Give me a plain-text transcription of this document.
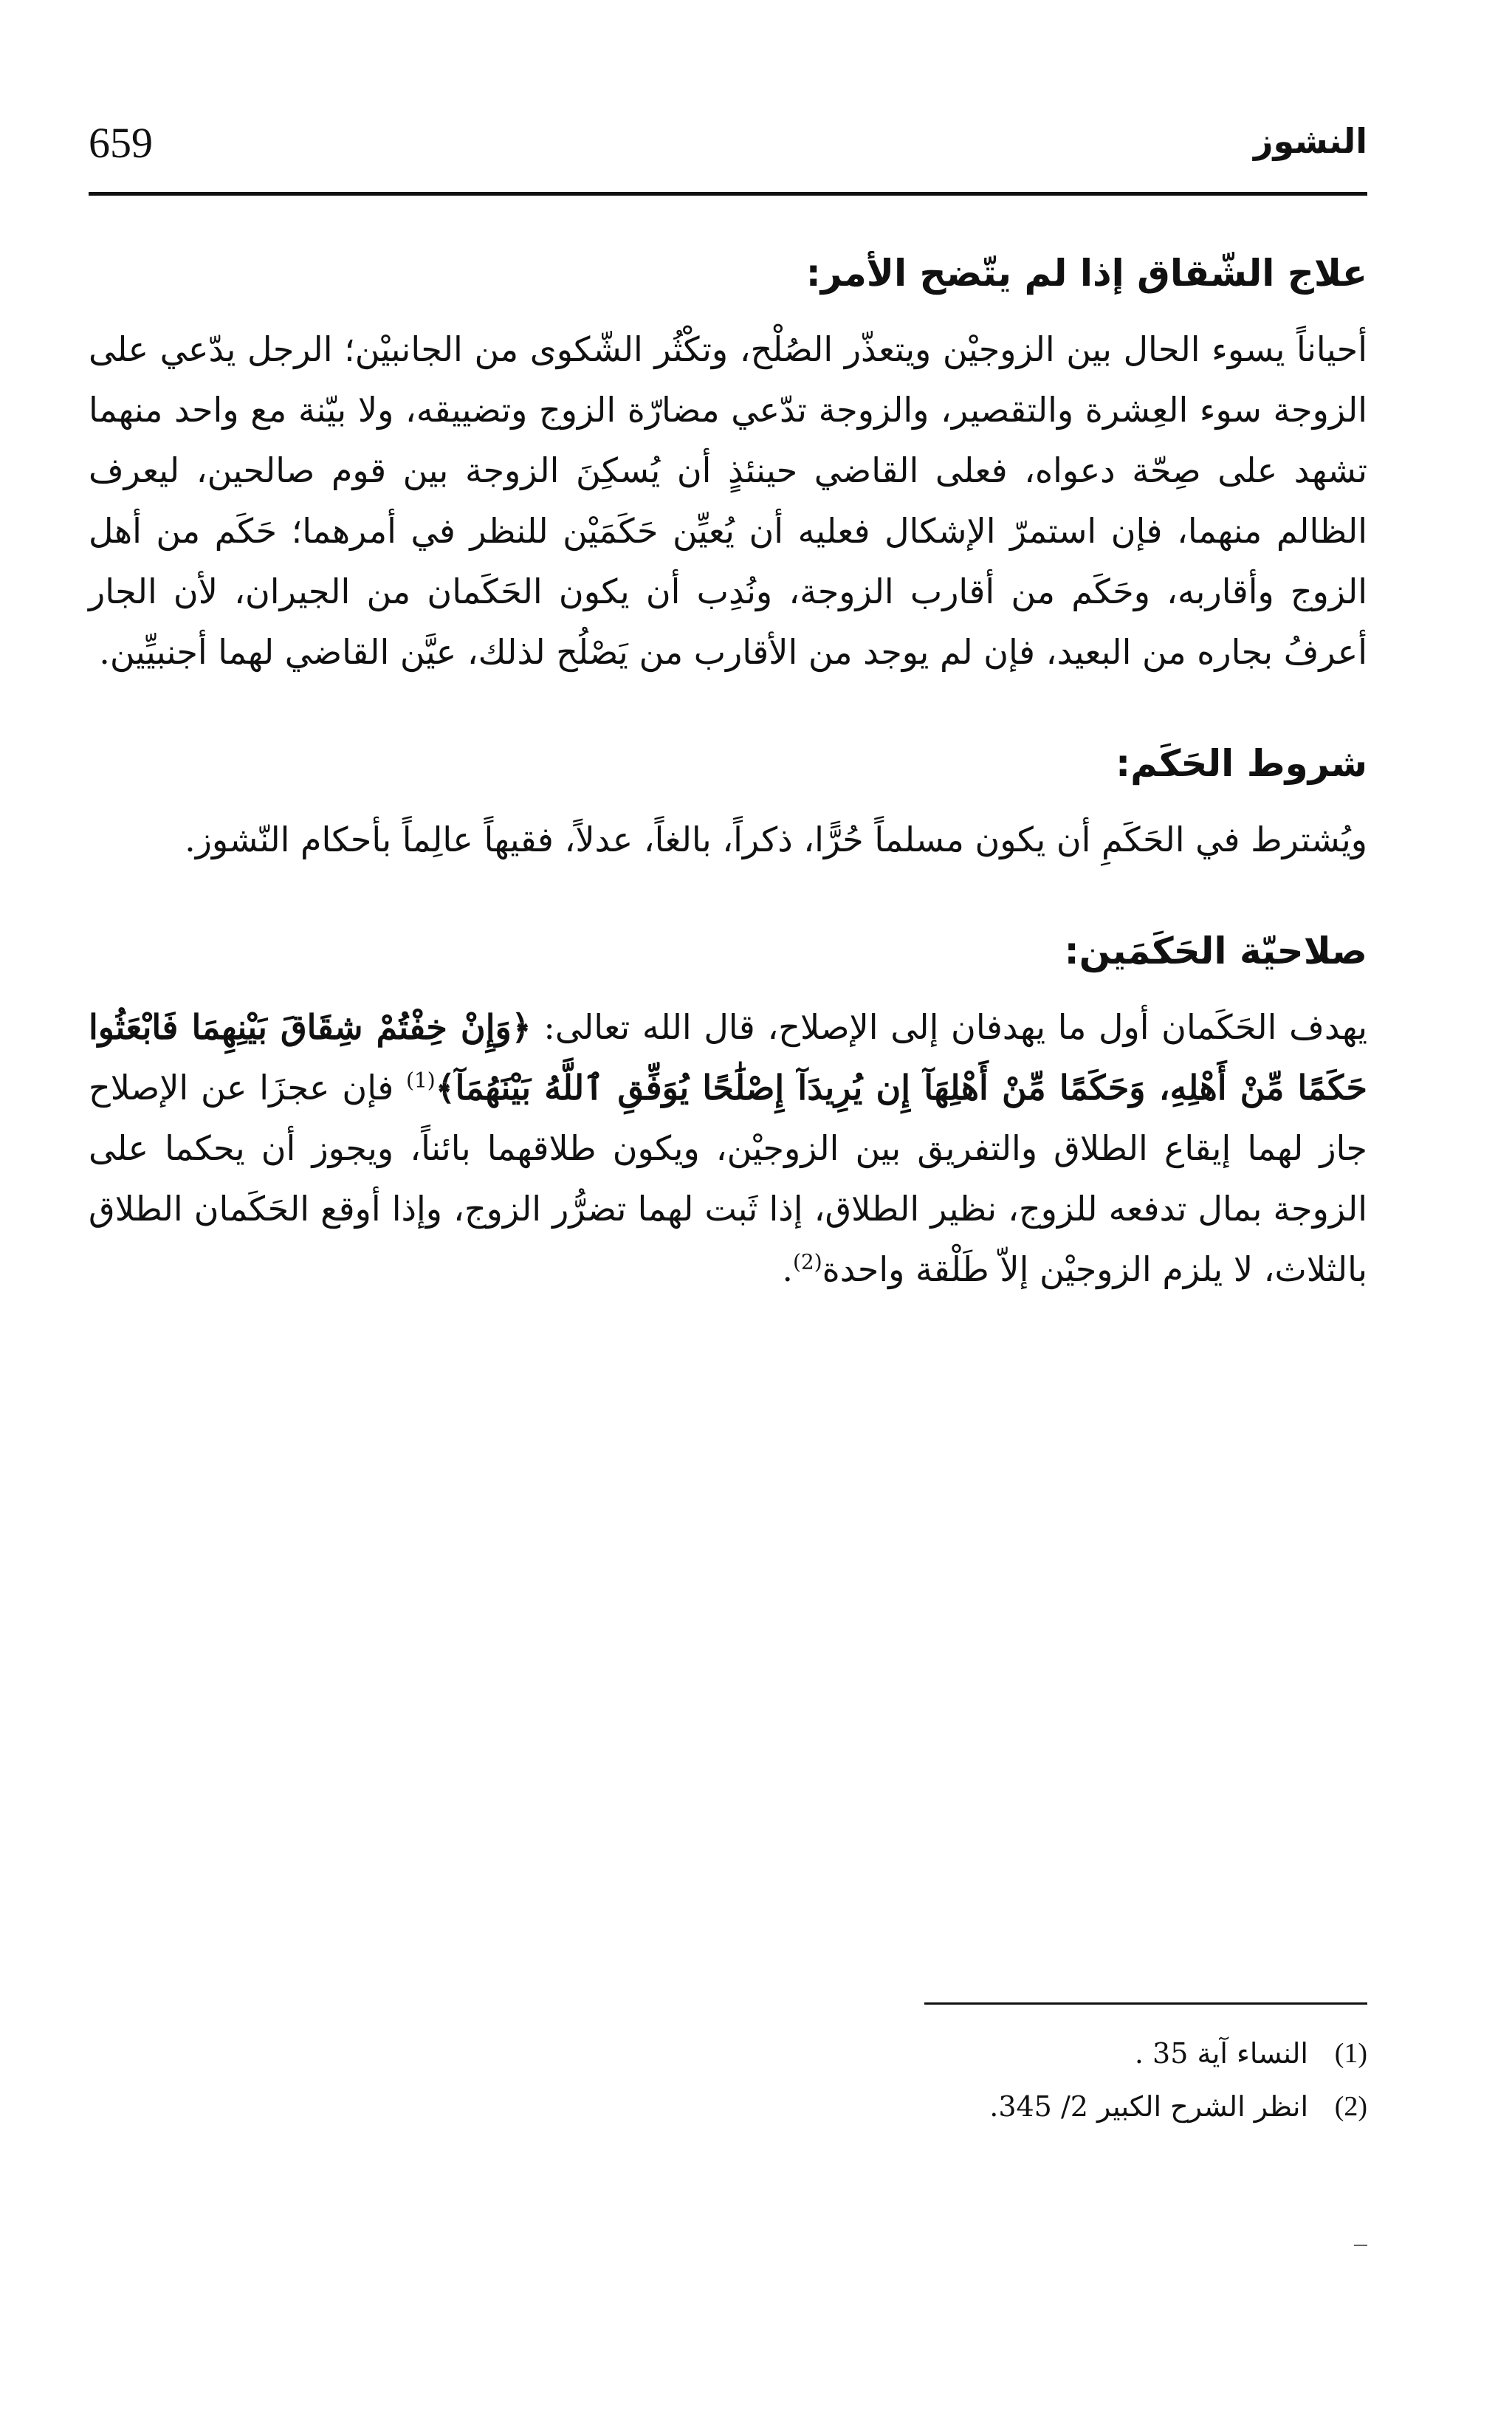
659	النشوز
علاج الشّقاق إذا لم يتّضح الأمر:

أحياناً يسوء الحال بين الزوجيْن ويتعذّر الصُلْح، وتكْثُر الشّكوى من الجانبيْن؛ الرجل يدّعي على الزوجة سوء العِشرة والتقصير، والزوجة تدّعي مضارّة الزوج وتضييقه، ولا بيّنة مع واحد منهما تشهد على صِحّة دعواه، فعلى القاضي حينئذٍ أن يُسكِنَ الزوجة بين قوم صالحين، ليعرف الظالم منهما، فإن استمرّ الإشكال فعليه أن يُعيِّن حَكَمَيْن للنظر في أمرهما؛ حَكَم من أهل الزوج وأقاربه، وحَكَم من أقارب الزوجة، ونُدِب أن يكون الحَكَمان من الجيران، لأن الجار أعرفُ بجاره من البعيد، فإن لم يوجد من الأقارب من يَصْلُح لذلك، عيَّن القاضي لهما أجنبيِّين.

شروط الحَكَم:

ويُشترط في الحَكَمِ أن يكون مسلماً حُرًّا، ذكراً، بالغاً، عدلاً، فقيهاً عالِماً بأحكام النّشوز.

صلاحيّة الحَكَمَين:

يهدف الحَكَمان أول ما يهدفان إلى الإصلاح، قال الله تعالى: ﴿وَإِنْ خِفْتُمْ شِقَاقَ بَيْنِهِمَا فَابْعَثُوا حَكَمًا مِّنْ أَهْلِهِ، وَحَكَمًا مِّنْ أَهْلِهَآ إِن يُرِيدَآ إِصْلَٰحًا يُوَفِّقِ ٱللَّهُ بَيْنَهُمَآ﴾$^{(1)}$ فإن عجزَا عن الإصلاح جاز لهما إيقاع الطلاق والتفريق بين الزوجيْن، ويكون طلاقهما بائناً، ويجوز أن يحكما على الزوجة بمال تدفعه للزوج، نظير الطلاق، إذا ثَبت لهما تضرُّر الزوج، وإذا أوقع الحَكَمان الطلاق بالثلاث، لا يلزم الزوجيْن إلاّ طَلْقة واحدة$^{(2)}$.

(1)
النساء آية 35 .
(2)
انظر الشرح الكبير 2/ 345.
